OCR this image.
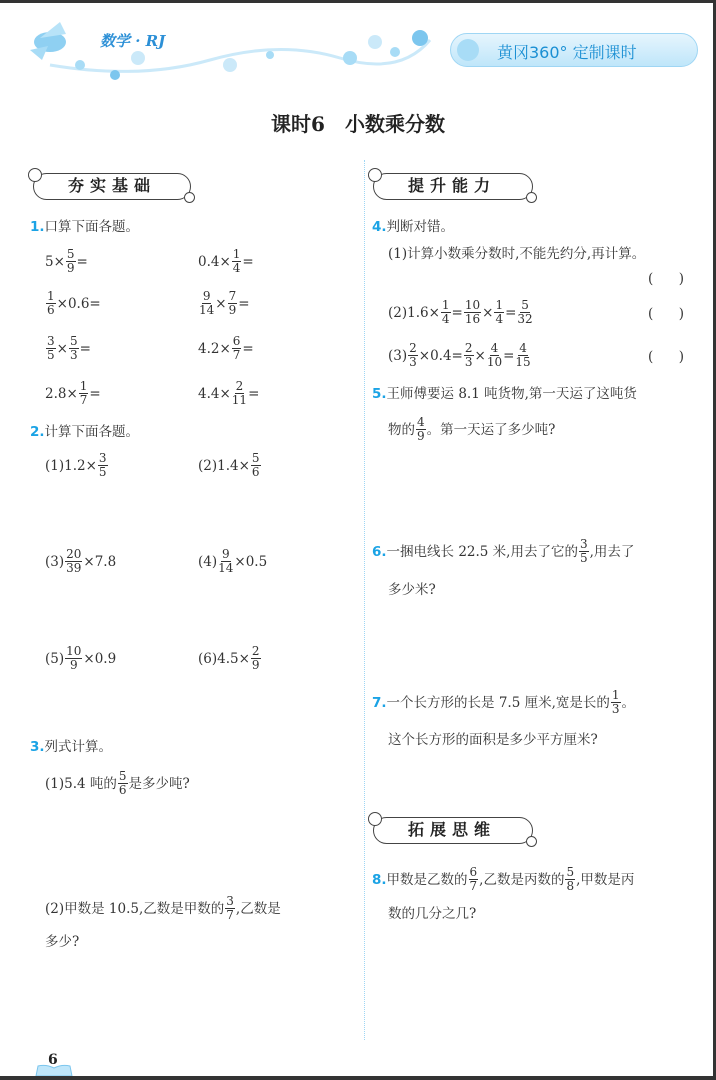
数学 · RJ
黄冈360° 定制课时
课时6　小数乘分数
夯实基础	提升能力
拓展思维
1. 口算下面各题。
$5\times \frac{5}{9}$ =	$0.4\times \frac{1}{4}$ =
$\frac{1}{6} \times 0.6=$	$\frac{9}{14} \times \frac{7}{9}$ =
$\frac{3}{5} \times \frac{5}{3}$ =	$4.2\times \frac{6}{7}$ =
$2.8\times \frac{1}{7}$ =	$4.4\times \frac{2}{11}$ =
2. 计算下面各题。
$(1)1.2\times \frac{3}{5}$	$(2)1.4\times \frac{5}{6}$
$(3) \frac{20}{39} \times 7.8$	$(4) \frac{9}{14} \times 0.5$
$(5) \frac{10}{9} \times 0.9$	$(6)4.5\times \frac{2}{9}$
3. 列式计算。
(1)5.4 吨的 $\frac{5}{6}$ 是多少吨?
(2)甲数是 10.5,乙数是甲数的 $\frac{3}{7}$ ,乙数是
多少?
4. 判断对错。
(1)计算小数乘分数时,不能先约分,再计算。
(　)
$(2)1.6\times \frac{1}{4} = \frac{10}{16} \times \frac{1}{4} = \frac{5}{32}$	(　)
$(3) \frac{2}{3} \times 0.4= \frac{2}{3} \times \frac{4}{10} = \frac{4}{15}$	(　)
5. 王师傅要运 8.1 吨货物,第一天运了这吨货
物的 $\frac{4}{9}$ 。第一天运了多少吨?
6. 一捆电线长 22.5 米,用去了它的 $\frac{3}{5}$ ,用去了
多少米?
7. 一个长方形的长是 7.5 厘米,宽是长的 $\frac{1}{3}$ 。
这个长方形的面积是多少平方厘米?
8. 甲数是乙数的 $\frac{6}{7}$ ,乙数是丙数的 $\frac{5}{8}$ ,甲数是丙
数的几分之几?
6
